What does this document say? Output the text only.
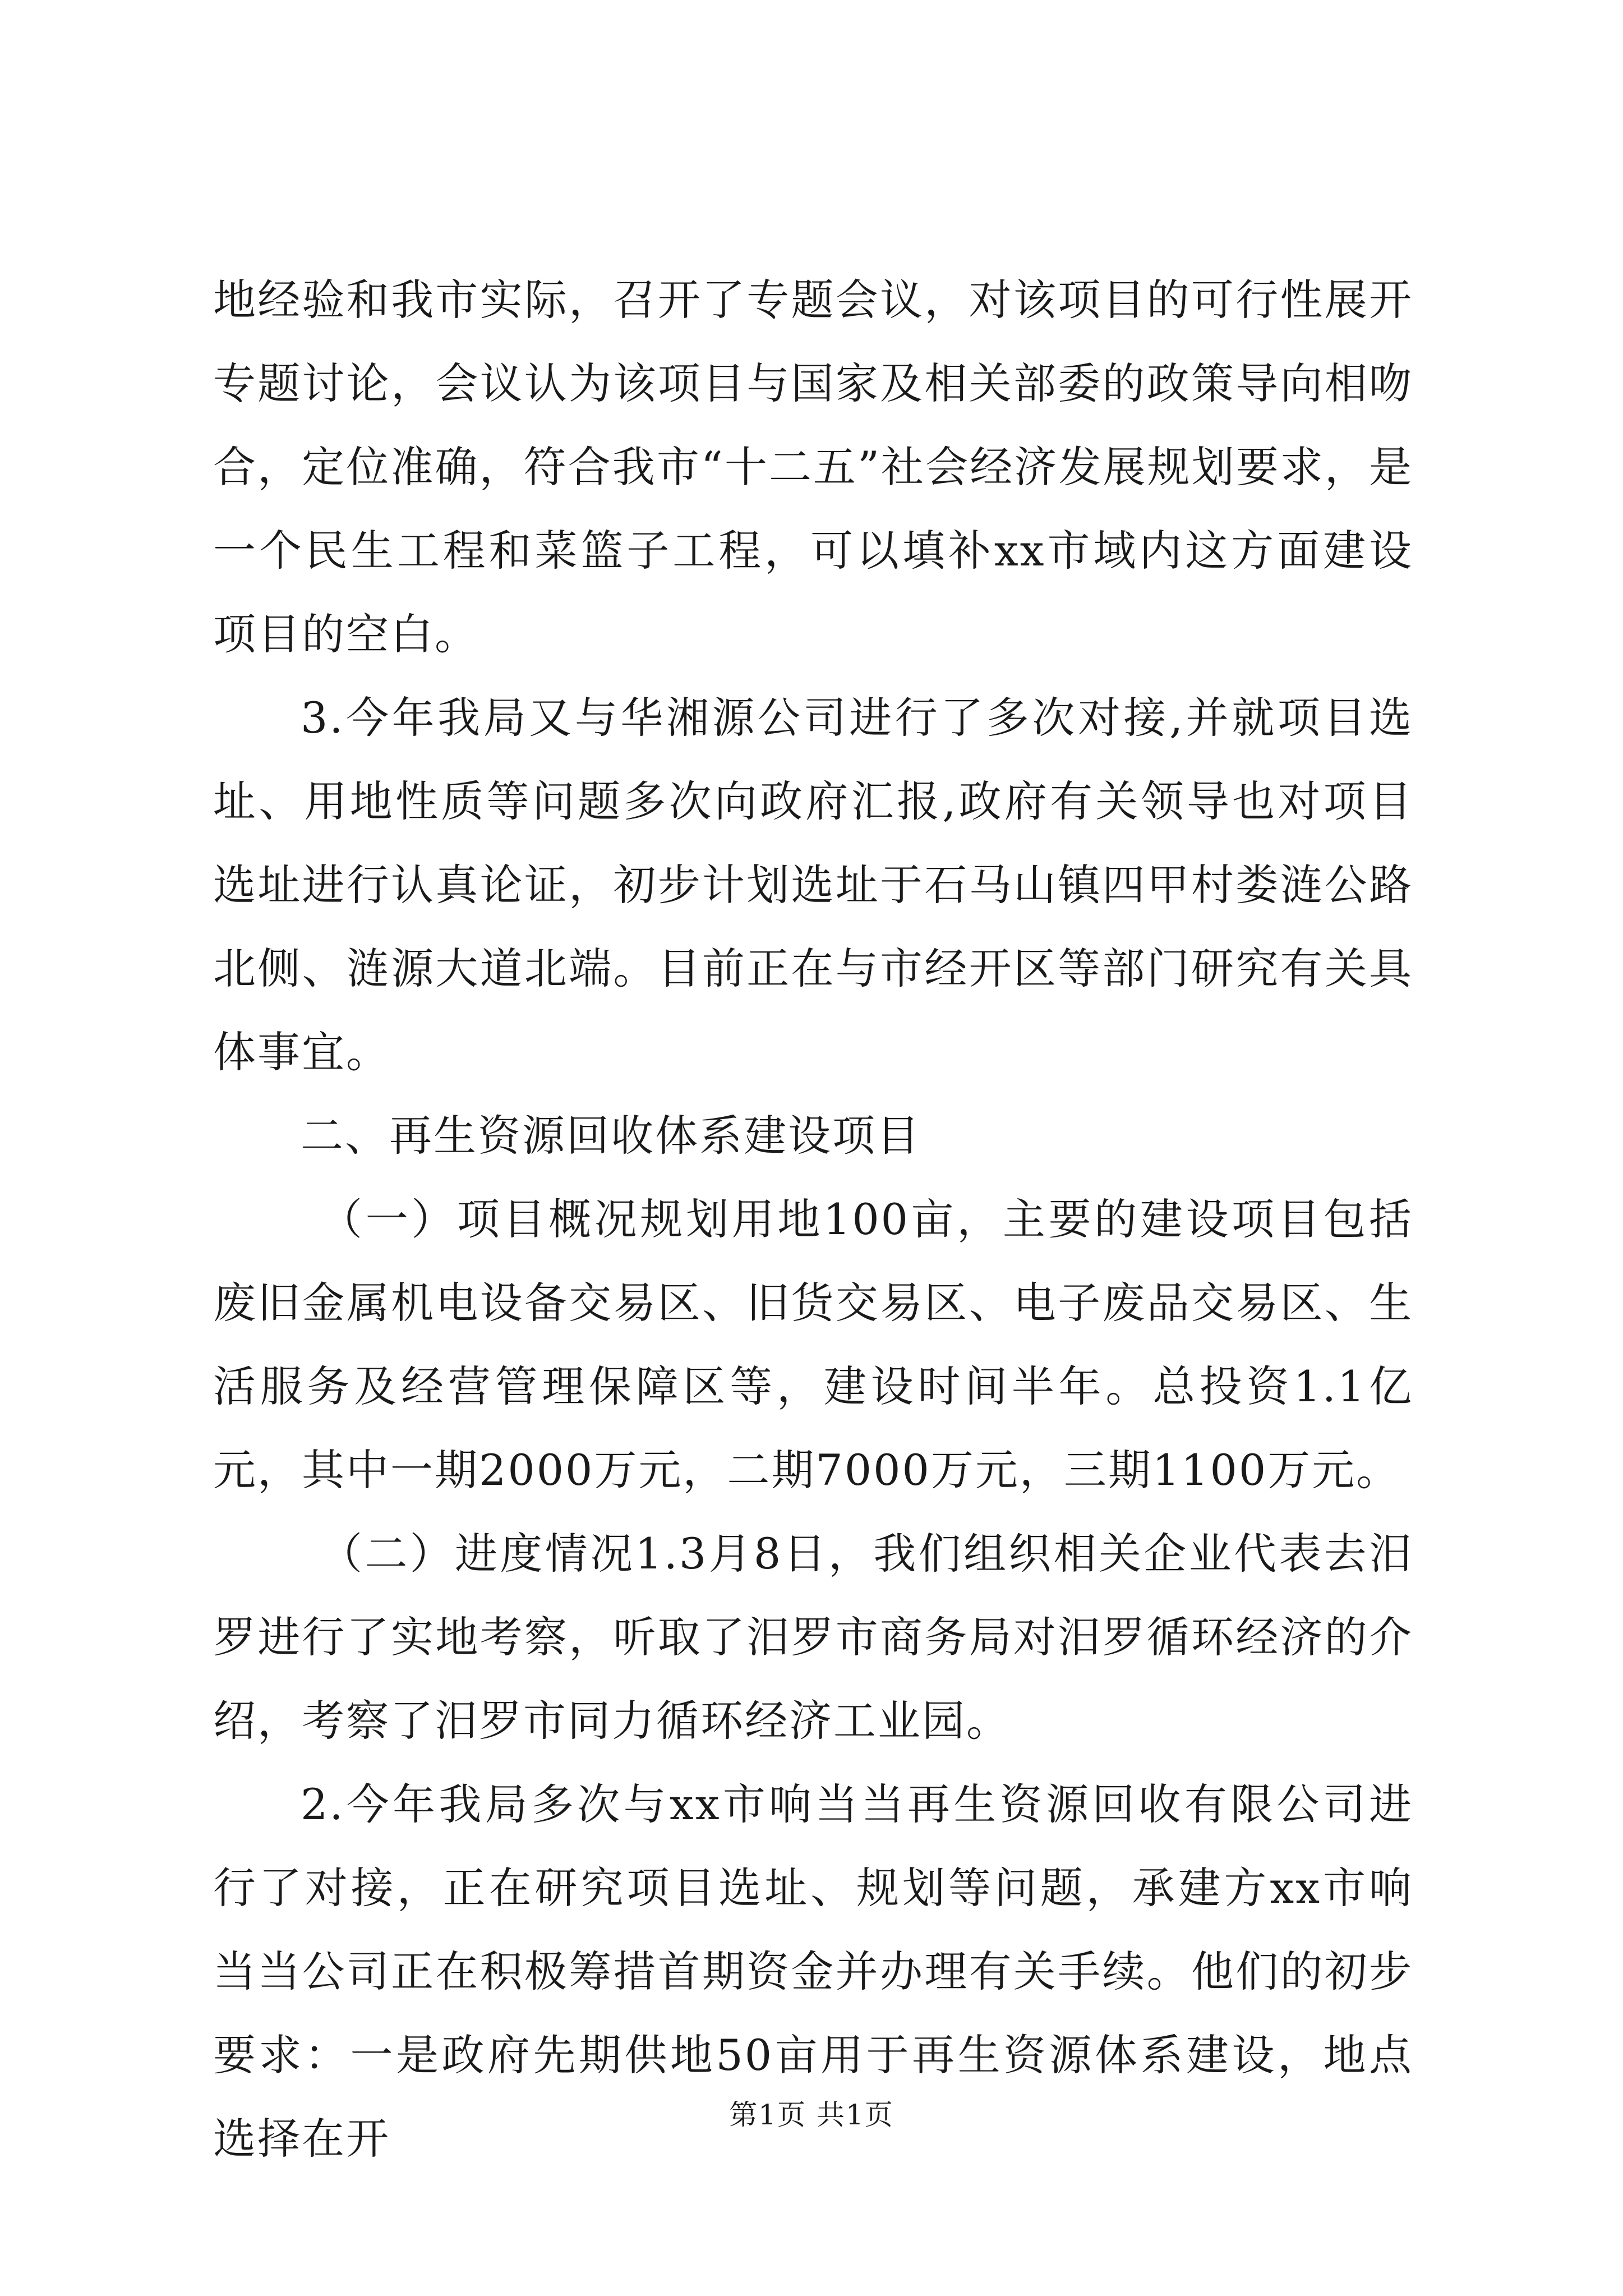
地经验和我市实际，召开了专题会议，对该项目的可行性展开专题讨论，会议认为该项目与国家及相关部委的政策导向相吻合，定位准确，符合我市“十二五”社会经济发展规划要求，是一个民生工程和菜篮子工程，可以填补xx市域内这方面建设项目的空白。

3.今年我局又与华湘源公司进行了多次对接,并就项目选址、用地性质等问题多次向政府汇报,政府有关领导也对项目选址进行认真论证，初步计划选址于石马山镇四甲村娄涟公路北侧、涟源大道北端。目前正在与市经开区等部门研究有关具体事宜。

二、再生资源回收体系建设项目

（一）项目概况规划用地100亩，主要的建设项目包括废旧金属机电设备交易区、旧货交易区、电子废品交易区、生活服务及经营管理保障区等，建设时间半年。总投资1.1亿元，其中一期2000万元，二期7000万元，三期1100万元。

（二）进度情况1.3月8日，我们组织相关企业代表去汨罗进行了实地考察，听取了汨罗市商务局对汨罗循环经济的介绍，考察了汨罗市同力循环经济工业园。

2.今年我局多次与xx市响当当再生资源回收有限公司进行了对接，正在研究项目选址、规划等问题，承建方xx市响当当公司正在积极筹措首期资金并办理有关手续。他们的初步要求：一是政府先期供地50亩用于再生资源体系建设，地点选择在开	第1页 共1页
